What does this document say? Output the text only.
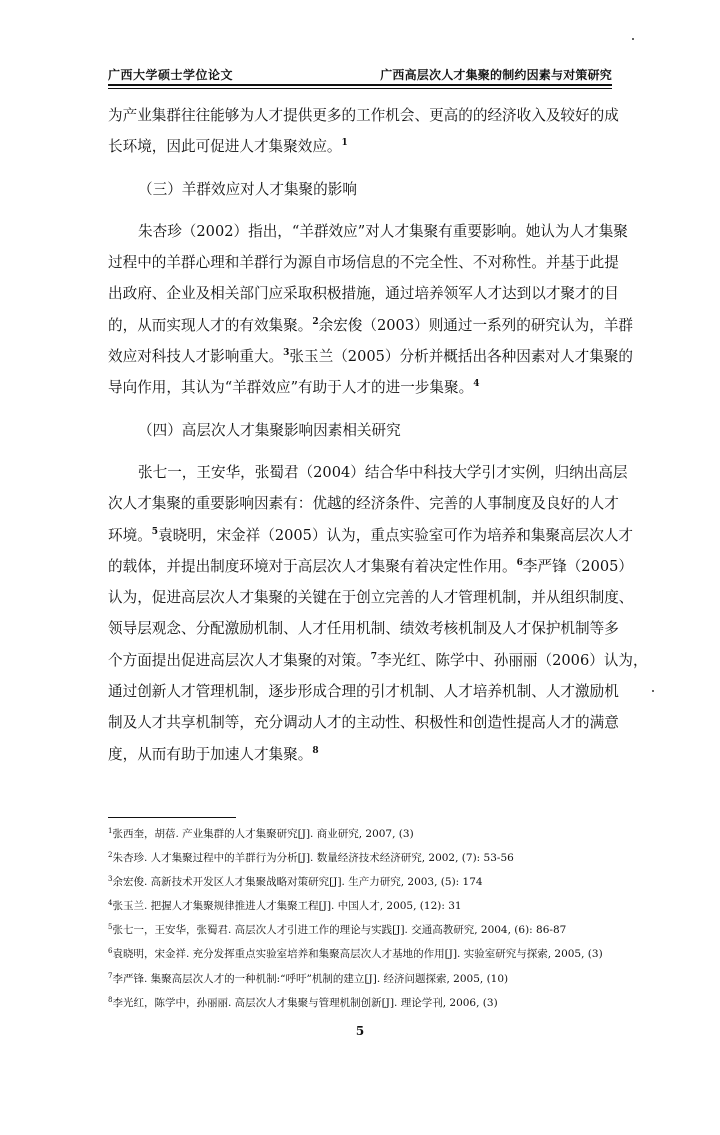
广西大学硕士学位论文	广西高层次人才集聚的制约因素与对策研究
为产业集群往往能够为人才提供更多的工作机会、更高的的经济收入及较好的成
长环境，因此可促进人才集聚效应。$^1$
（三）羊群效应对人才集聚的影响
朱杏珍（2002）指出，“羊群效应”对人才集聚有重要影响。她认为人才集聚
过程中的羊群心理和羊群行为源自市场信息的不完全性、不对称性。并基于此提
出政府、企业及相关部门应采取积极措施，通过培养领军人才达到以才聚才的目
的，从而实现人才的有效集聚。$^2$余宏俊（2003）则通过一系列的研究认为，羊群
效应对科技人才影响重大。$^3$张玉兰（2005）分析并概括出各种因素对人才集聚的
导向作用，其认为“羊群效应”有助于人才的进一步集聚。$^4$
（四）高层次人才集聚影响因素相关研究
张七一，王安华，张蜀君（2004）结合华中科技大学引才实例，归纳出高层
次人才集聚的重要影响因素有：优越的经济条件、完善的人事制度及良好的人才
环境。$^5$袁晓明，宋金祥（2005）认为，重点实验室可作为培养和集聚高层次人才
的载体，并提出制度环境对于高层次人才集聚有着决定性作用。$^6$李严锋（2005）
认为，促进高层次人才集聚的关键在于创立完善的人才管理机制，并从组织制度、
领导层观念、分配激励机制、人才任用机制、绩效考核机制及人才保护机制等多
个方面提出促进高层次人才集聚的对策。$^7$李光红、陈学中、孙丽丽（2006）认为，
通过创新人才管理机制，逐步形成合理的引才机制、人才培养机制、人才激励机
制及人才共享机制等，充分调动人才的主动性、积极性和创造性提高人才的满意
度，从而有助于加速人才集聚。$^8$
$^1$张西奎，胡蓓. 产业集群的人才集聚研究[J]. 商业研究, 2007, (3)
$^2$朱杏珍. 人才集聚过程中的羊群行为分析[J]. 数量经济技术经济研究, 2002, (7): 53-56
$^3$余宏俊. 高新技术开发区人才集聚战略对策研究[J]. 生产力研究, 2003, (5): 174
$^4$张玉兰. 把握人才集聚规律推进人才集聚工程[J]. 中国人才, 2005, (12): 31
$^5$张七一，王安华，张蜀君. 高层次人才引进工作的理论与实践[J]. 交通高教研究, 2004, (6): 86-87
$^6$袁晓明，宋金祥. 充分发挥重点实验室培养和集聚高层次人才基地的作用[J]. 实验室研究与探索, 2005, (3)
$^7$李严锋. 集聚高层次人才的一种机制:“呼吁”机制的建立[J]. 经济问题探索, 2005, (10)
$^8$李光红，陈学中，孙丽丽. 高层次人才集聚与管理机制创新[J]. 理论学刊, 2006, (3)
5
